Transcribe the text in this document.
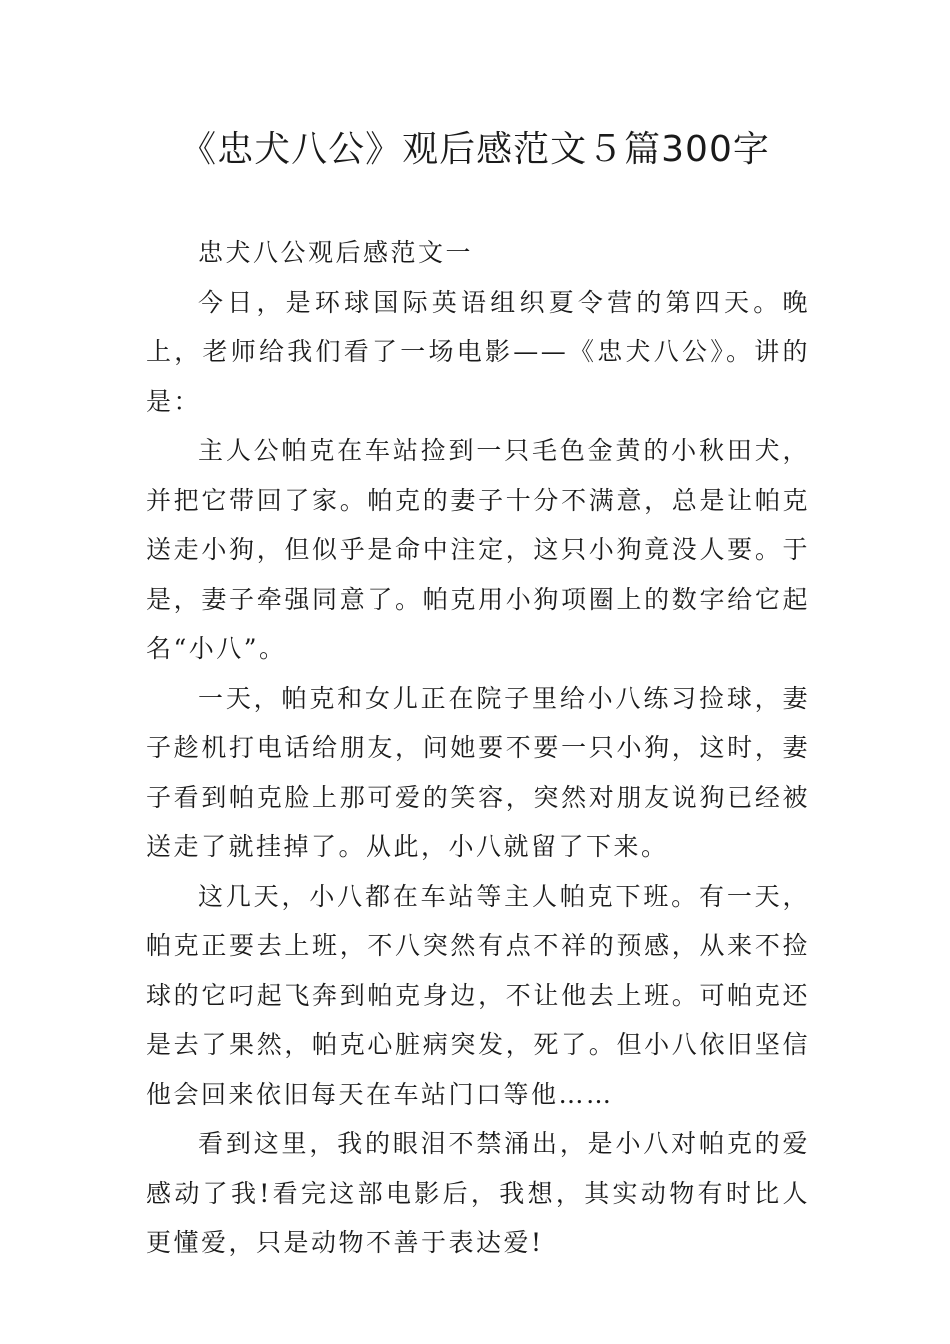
《忠犬八公》观后感范文５篇300字

忠犬八公观后感范文一

今日，是环球国际英语组织夏令营的第四天。晚上，老师给我们看了一场电影——《忠犬八公》。讲的是：

主人公帕克在车站捡到一只毛色金黄的小秋田犬，并把它带回了家。帕克的妻子十分不满意，总是让帕克送走小狗，但似乎是命中注定，这只小狗竟没人要。于是，妻子牵强同意了。帕克用小狗项圈上的数字给它起名“小八”。

一天，帕克和女儿正在院子里给小八练习捡球，妻子趁机打电话给朋友，问她要不要一只小狗，这时，妻子看到帕克脸上那可爱的笑容，突然对朋友说狗已经被送走了就挂掉了。从此，小八就留了下来。

这几天，小八都在车站等主人帕克下班。有一天，帕克正要去上班，不八突然有点不祥的预感，从来不捡球的它叼起飞奔到帕克身边，不让他去上班。可帕克还是去了果然，帕克心脏病突发，死了。但小八依旧坚信他会回来依旧每天在车站门口等他……

看到这里，我的眼泪不禁涌出，是小八对帕克的爱感动了我!看完这部电影后，我想，其实动物有时比人更懂爱，只是动物不善于表达爱!
